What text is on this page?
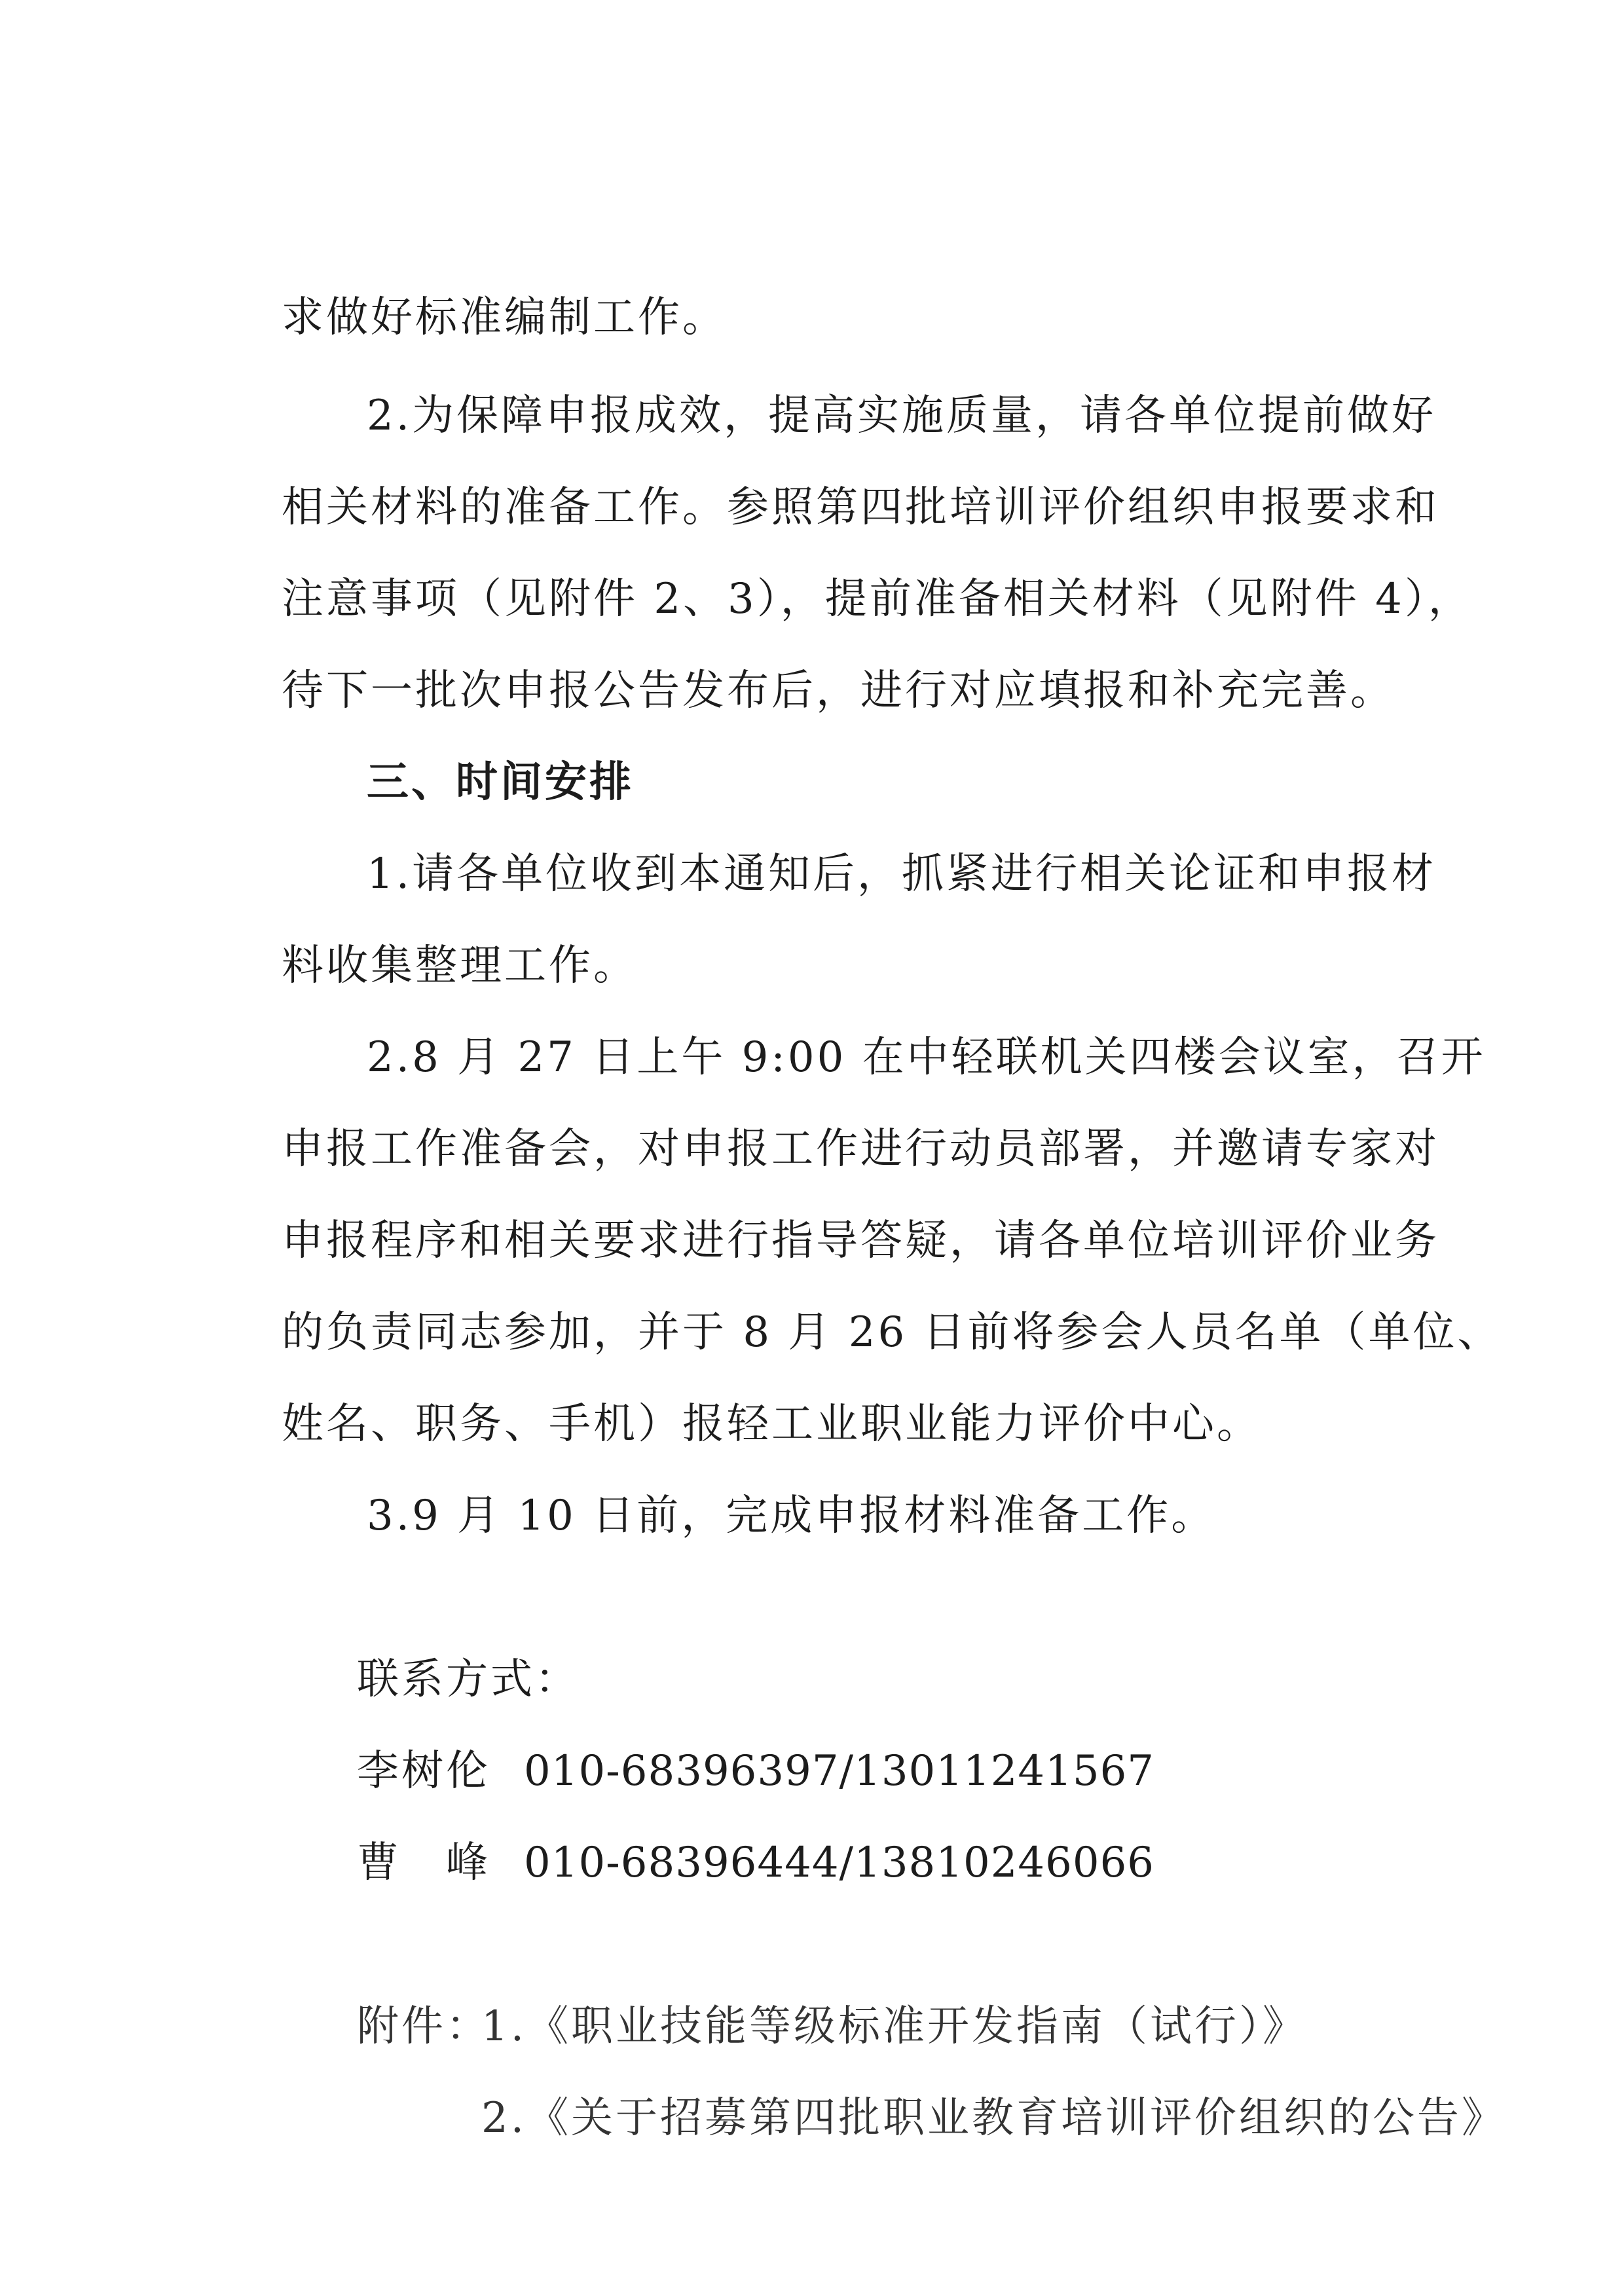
求做好标准编制工作。
2.为保障申报成效，提高实施质量，请各单位提前做好
相关材料的准备工作。参照第四批培训评价组织申报要求和
注意事项（见附件 2、3），提前准备相关材料（见附件 4），
待下一批次申报公告发布后，进行对应填报和补充完善。
三、时间安排
1.请各单位收到本通知后，抓紧进行相关论证和申报材
料收集整理工作。
2.8 月 27 日上午 9:00 在中轻联机关四楼会议室，召开
申报工作准备会，对申报工作进行动员部署，并邀请专家对
申报程序和相关要求进行指导答疑，请各单位培训评价业务
的负责同志参加，并于 8 月 26 日前将参会人员名单（单位、
姓名、职务、手机）报轻工业职业能力评价中心。
3.9 月 10 日前，完成申报材料准备工作。
联系方式：
李树伦 010-68396397/13011241567
曹　峰 010-68396444/13810246066
附件：
1.《职业技能等级标准开发指南（试行）》
2.《关于招募第四批职业教育培训评价组织的公告》
